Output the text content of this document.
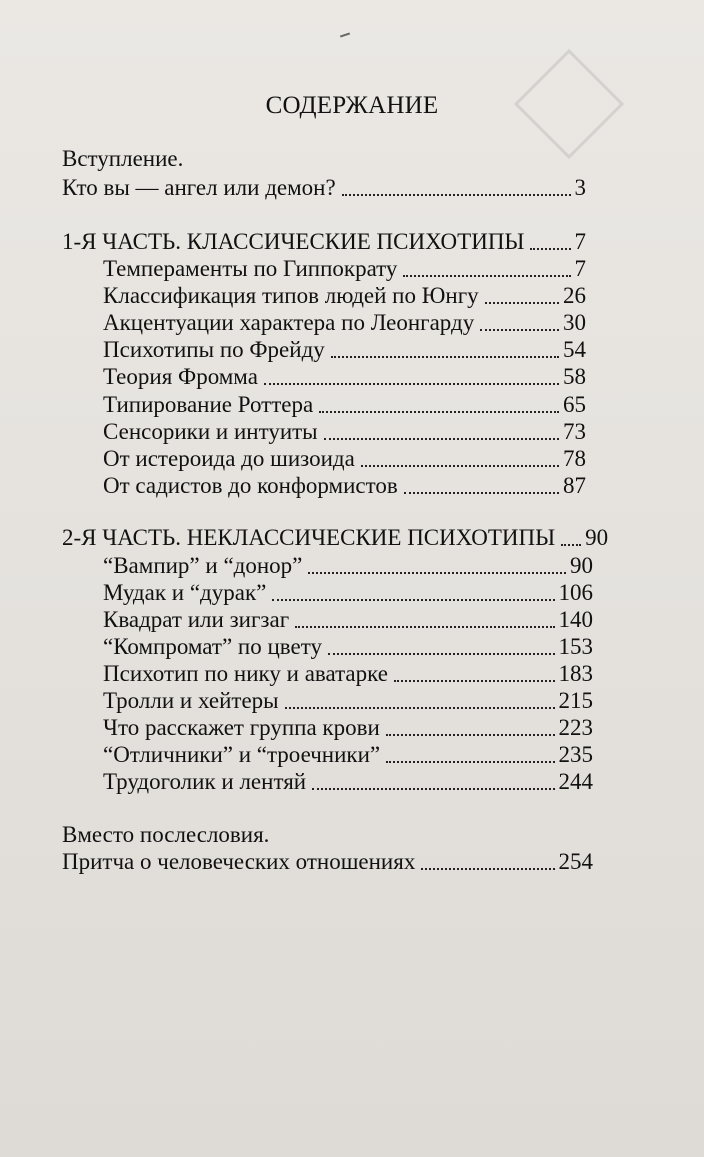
СОДЕРЖАНИЕ
Вступление.
Кто вы — ангел или демон?	3
1-Я ЧАСТЬ. КЛАССИЧЕСКИЕ ПСИХОТИПЫ 7
Темпераменты по Гиппократу	7
Классификация типов людей по Юнгу	26
Акцентуации характера по Леонгарду	30
Психотипы по Фрейду	54
Теория Фромма	58
Типирование Роттера	65
Сенсорики и интуиты	73
От истероида до шизоида	78
От садистов до конформистов	87
2-Я ЧАСТЬ. НЕКЛАССИЧЕСКИЕ ПСИХОТИПЫ 90
“Вампир” и “донор”	90
Мудак и “дурак”	106
Квадрат или зигзаг	140
“Компромат” по цвету	153
Психотип по нику и аватарке	183
Тролли и хейтеры	215
Что расскажет группа крови	223
“Отличники” и “троечники”	235
Трудоголик и лентяй	244
Вместо послесловия.
Притча о человеческих отношениях	254
